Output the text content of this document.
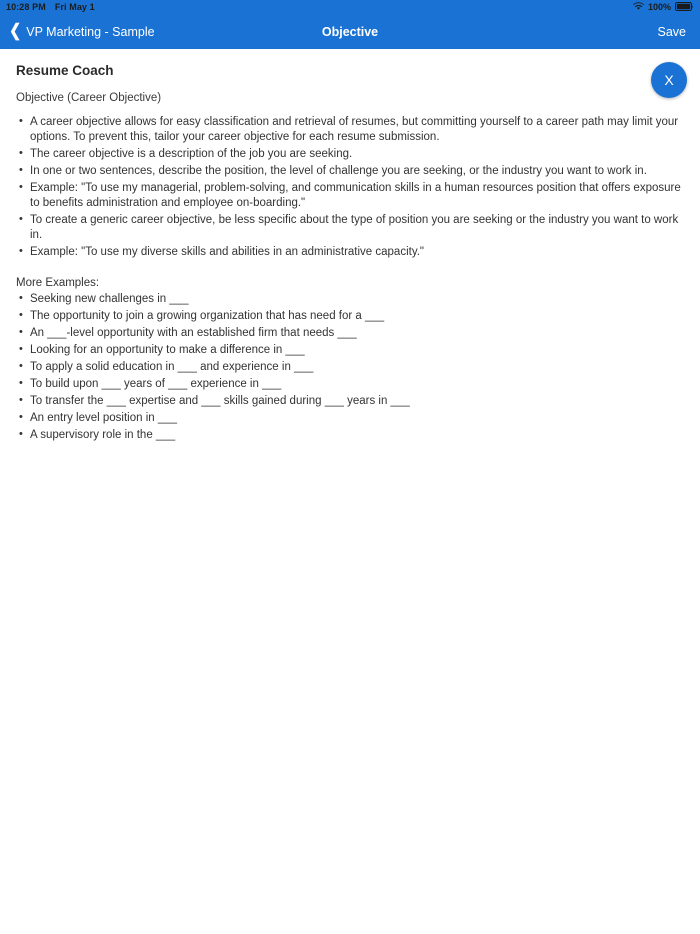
10:28 PM Fri May 1	100%
❮ VP Marketing - Sample	Objective	Save
X
Resume Coach
Objective (Career Objective)
• A career objective allows for easy classification and retrieval of resumes, but committing yourself to a career path may limit your options. To prevent this, tailor your career objective for each resume submission.
• The career objective is a description of the job you are seeking.
• In one or two sentences, describe the position, the level of challenge you are seeking, or the industry you want to work in.
• Example: "To use my managerial, problem-solving, and communication skills in a human resources position that offers exposure to benefits administration and employee on-boarding."
• To create a generic career objective, be less specific about the type of position you are seeking or the industry you want to work in.
• Example: "To use my diverse skills and abilities in an administrative capacity."
More Examples:
• Seeking new challenges in ___
• The opportunity to join a growing organization that has need for a ___
• An ___-level opportunity with an established firm that needs ___
• Looking for an opportunity to make a difference in ___
• To apply a solid education in ___ and experience in ___
• To build upon ___ years of ___ experience in ___
• To transfer the ___ expertise and ___ skills gained during ___ years in ___
• An entry level position in ___
• A supervisory role in the ___
